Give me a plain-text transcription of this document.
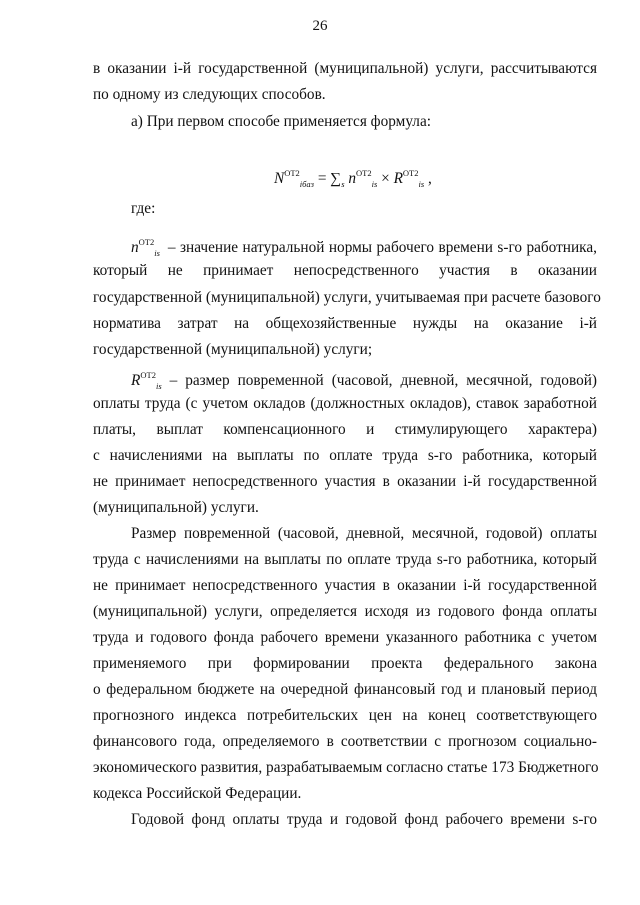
26
в оказании i-й государственной (муниципальной) услуги, рассчитываются
по одному из следующих способов.
а) При первом способе применяется формула:
$N^{ОТ2}_{iбаз} = \sum_s$ $n^{ОТ2}_{is} \times R^{ОТ2}_{is}$ ,
где:
$n^{ОТ2}_{is}$ – значение натуральной нормы рабочего времени s-го работника,
который не принимает непосредственного участия в оказании
государственной (муниципальной) услуги, учитываемая при расчете базового
норматива затрат на общехозяйственные нужды на оказание i-й
государственной (муниципальной) услуги;
$R^{ОТ2}_{is}$ – размер повременной (часовой, дневной, месячной, годовой)
оплаты труда (с учетом окладов (должностных окладов), ставок заработной
платы, выплат компенсационного и стимулирующего характера)
с начислениями на выплаты по оплате труда s-го работника, который
не принимает непосредственного участия в оказании i-й государственной
(муниципальной) услуги.
Размер повременной (часовой, дневной, месячной, годовой) оплаты
труда с начислениями на выплаты по оплате труда s-го работника, который
не принимает непосредственного участия в оказании i-й государственной
(муниципальной) услуги, определяется исходя из годового фонда оплаты
труда и годового фонда рабочего времени указанного работника с учетом
применяемого при формировании проекта федерального закона
о федеральном бюджете на очередной финансовый год и плановый период
прогнозного индекса потребительских цен на конец соответствующего
финансового года, определяемого в соответствии с прогнозом социально-
экономического развития, разрабатываемым согласно статье 173 Бюджетного
кодекса Российской Федерации.
Годовой фонд оплаты труда и годовой фонд рабочего времени s-го
